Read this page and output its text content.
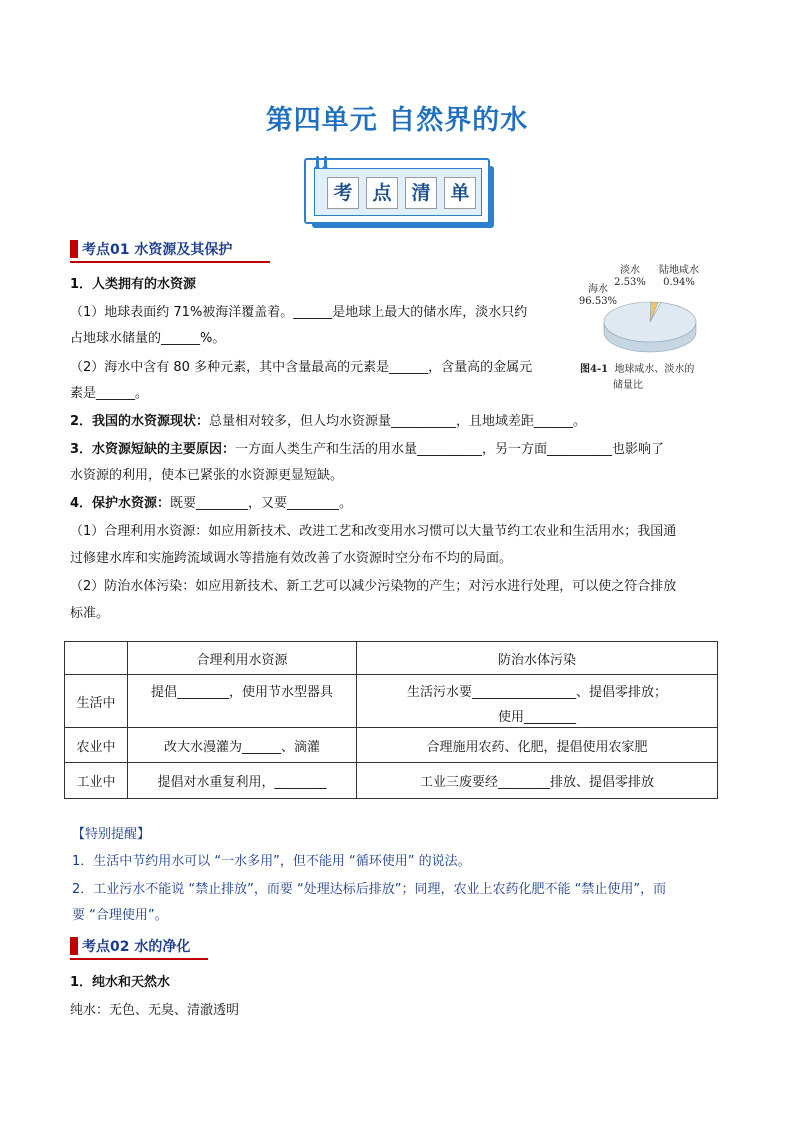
第四单元 自然界的水
考	点	清	单
考点01 水资源及其保护
1．人类拥有的水资源
（1）地球表面约 71%被海洋覆盖着。______是地球上最大的储水库，淡水只约
占地球水储量的______%。
（2）海水中含有 80 多种元素，其中含量最高的元素是______，含量高的金属元
素是______。
2．我国的水资源现状：总量相对较多，但人均水资源量__________，且地域差距______。
3．水资源短缺的主要原因：一方面人类生产和生活的用水量__________，另一方面__________也影响了
水资源的利用，使本已紧张的水资源更显短缺。
4．保护水资源：既要________，又要________。
（1）合理利用水资源：如应用新技术、改进工艺和改变用水习惯可以大量节约工农业和生活用水；我国通
过修建水库和实施跨流域调水等措施有效改善了水资源时空分布不均的局面。
（2）防治水体污染：如应用新技术、新工艺可以减少污染物的产生；对污水进行处理，可以使之符合排放
标准。
海水
96.53%
淡水
2.53%
陆地咸水
0.94%
图4-1 地球咸水、淡水的
储量比
	合理利用水资源	防治水体污染
生活中	提倡________，使用节水型器具	生活污水要________________、提倡零排放；
使用________

农业中	改大水漫灌为______、滴灌	合理施用农药、化肥，提倡使用农家肥
工业中	提倡对水重复利用，________	工业三废要经________排放、提倡零排放
【特别提醒】
1．生活中节约用水可以 “一水多用”，但不能用 “循环使用” 的说法。
2．工业污水不能说 “禁止排放”，而要 “处理达标后排放”；同理，农业上农药化肥不能 “禁止使用”，而
要 “合理使用”。
考点02 水的净化
1．纯水和天然水
纯水：无色、无臭、清澈透明
